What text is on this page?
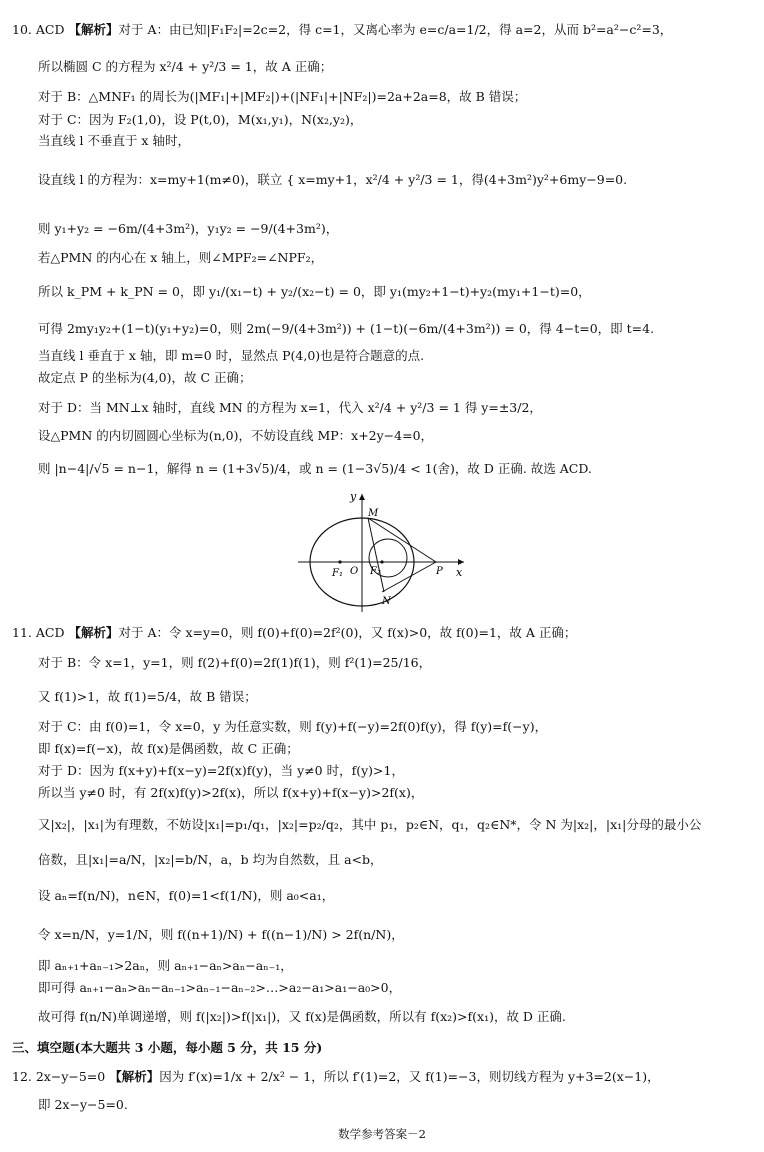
10. ACD 【解析】对于 A：由已知|F₁F₂|=2c=2，得 c=1，又离心率为 e=c/a=1/2，得 a=2，从而 b²=a²−c²=3，
所以椭圆 C 的方程为 x²/4 + y²/3 = 1，故 A 正确；
对于 B：△MNF₁ 的周长为(|MF₁|+|MF₂|)+(|NF₁|+|NF₂|)=2a+2a=8，故 B 错误；
对于 C：因为 F₂(1,0)，设 P(t,0)，M(x₁,y₁)，N(x₂,y₂)，
当直线 l 不垂直于 x 轴时，
设直线 l 的方程为：x=my+1(m≠0)，联立 { x=my+1，x²/4 + y²/3 = 1，得(4+3m²)y²+6my−9=0.
则 y₁+y₂ = −6m/(4+3m²)，y₁y₂ = −9/(4+3m²)，
若△PMN 的内心在 x 轴上，则∠MPF₂=∠NPF₂，
所以 k_PM + k_PN = 0，即 y₁/(x₁−t) + y₂/(x₂−t) = 0，即 y₁(my₂+1−t)+y₂(my₁+1−t)=0，
可得 2my₁y₂+(1−t)(y₁+y₂)=0，则 2m(−9/(4+3m²)) + (1−t)(−6m/(4+3m²)) = 0，得 4−t=0，即 t=4.
当直线 l 垂直于 x 轴，即 m=0 时，显然点 P(4,0)也是符合题意的点.
故定点 P 的坐标为(4,0)，故 C 正确；
对于 D：当 MN⊥x 轴时，直线 MN 的方程为 x=1，代入 x²/4 + y²/3 = 1 得 y=±3/2，
设△PMN 的内切圆圆心坐标为(n,0)，不妨设直线 MP：x+2y−4=0，
则 |n−4|/√5 = n−1，解得 n = (1+3√5)/4，或 n = (1−3√5)/4 < 1(舍)，故 D 正确. 故选 ACD.
y
x
M
O
F₁	F₂	P
N
11. ACD 【解析】对于 A：令 x=y=0，则 f(0)+f(0)=2f²(0)，又 f(x)>0，故 f(0)=1，故 A 正确；
对于 B：令 x=1，y=1，则 f(2)+f(0)=2f(1)f(1)，则 f²(1)=25/16，
又 f(1)>1，故 f(1)=5/4，故 B 错误；
对于 C：由 f(0)=1，令 x=0，y 为任意实数，则 f(y)+f(−y)=2f(0)f(y)，得 f(y)=f(−y)，
即 f(x)=f(−x)，故 f(x)是偶函数，故 C 正确；
对于 D：因为 f(x+y)+f(x−y)=2f(x)f(y)，当 y≠0 时，f(y)>1，
所以当 y≠0 时，有 2f(x)f(y)>2f(x)，所以 f(x+y)+f(x−y)>2f(x)，
又|x₂|，|x₁|为有理数，不妨设|x₁|=p₁/q₁，|x₂|=p₂/q₂，其中 p₁，p₂∈N，q₁，q₂∈N*，令 N 为|x₂|，|x₁|分母的最小公
倍数，且|x₁|=a/N，|x₂|=b/N，a，b 均为自然数，且 a<b，
设 aₙ=f(n/N)，n∈N，f(0)=1<f(1/N)，则 a₀<a₁，
令 x=n/N，y=1/N，则 f((n+1)/N) + f((n−1)/N) > 2f(n/N)，
即 aₙ₊₁+aₙ₋₁>2aₙ，则 aₙ₊₁−aₙ>aₙ−aₙ₋₁，
即可得 aₙ₊₁−aₙ>aₙ−aₙ₋₁>aₙ₋₁−aₙ₋₂>…>a₂−a₁>a₁−a₀>0，
故可得 f(n/N)单调递增，则 f(|x₂|)>f(|x₁|)，又 f(x)是偶函数，所以有 f(x₂)>f(x₁)，故 D 正确.
三、填空题(本大题共 3 小题，每小题 5 分，共 15 分)
12. 2x−y−5=0 【解析】因为 f′(x)=1/x + 2/x² − 1，所以 f′(1)=2，又 f(1)=−3，则切线方程为 y+3=2(x−1)，
即 2x−y−5=0.
数学参考答案－2
